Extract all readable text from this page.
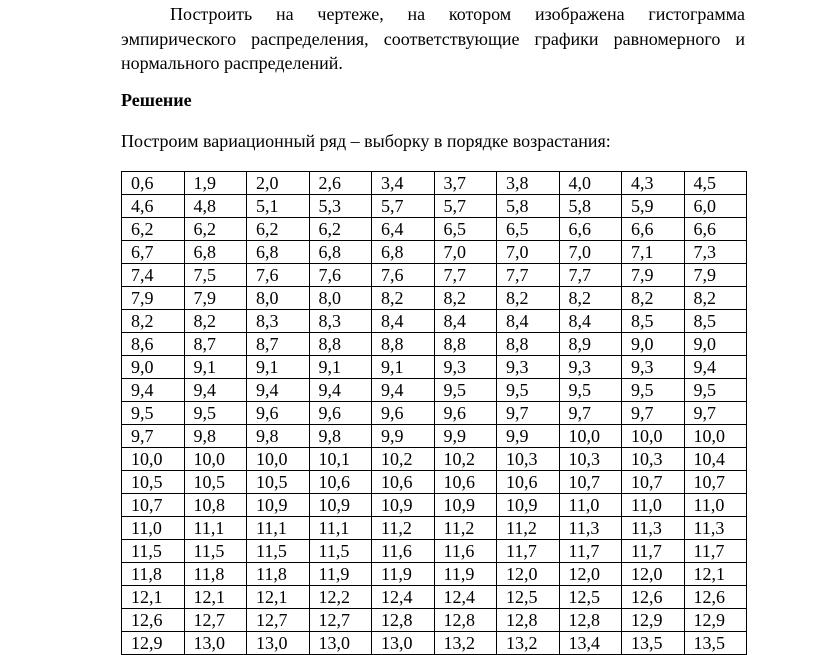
Построить на чертеже, на котором изображена гистограмма эмпирического распределения, соответствующие графики равномерного и нормального распределений.

Решение

Построим вариационный ряд – выборку в порядке возрастания:

0,6	1,9	2,0	2,6	3,4	3,7	3,8	4,0	4,3	4,5
4,6	4,8	5,1	5,3	5,7	5,7	5,8	5,8	5,9	6,0
6,2	6,2	6,2	6,2	6,4	6,5	6,5	6,6	6,6	6,6
6,7	6,8	6,8	6,8	6,8	7,0	7,0	7,0	7,1	7,3
7,4	7,5	7,6	7,6	7,6	7,7	7,7	7,7	7,9	7,9
7,9	7,9	8,0	8,0	8,2	8,2	8,2	8,2	8,2	8,2
8,2	8,2	8,3	8,3	8,4	8,4	8,4	8,4	8,5	8,5
8,6	8,7	8,7	8,8	8,8	8,8	8,8	8,9	9,0	9,0
9,0	9,1	9,1	9,1	9,1	9,3	9,3	9,3	9,3	9,4
9,4	9,4	9,4	9,4	9,4	9,5	9,5	9,5	9,5	9,5
9,5	9,5	9,6	9,6	9,6	9,6	9,7	9,7	9,7	9,7
9,7	9,8	9,8	9,8	9,9	9,9	9,9	10,0	10,0	10,0
10,0	10,0	10,0	10,1	10,2	10,2	10,3	10,3	10,3	10,4
10,5	10,5	10,5	10,6	10,6	10,6	10,6	10,7	10,7	10,7
10,7	10,8	10,9	10,9	10,9	10,9	10,9	11,0	11,0	11,0
11,0	11,1	11,1	11,1	11,2	11,2	11,2	11,3	11,3	11,3
11,5	11,5	11,5	11,5	11,6	11,6	11,7	11,7	11,7	11,7
11,8	11,8	11,8	11,9	11,9	11,9	12,0	12,0	12,0	12,1
12,1	12,1	12,1	12,2	12,4	12,4	12,5	12,5	12,6	12,6
12,6	12,7	12,7	12,7	12,8	12,8	12,8	12,8	12,9	12,9
12,9	13,0	13,0	13,0	13,0	13,2	13,2	13,4	13,5	13,5
